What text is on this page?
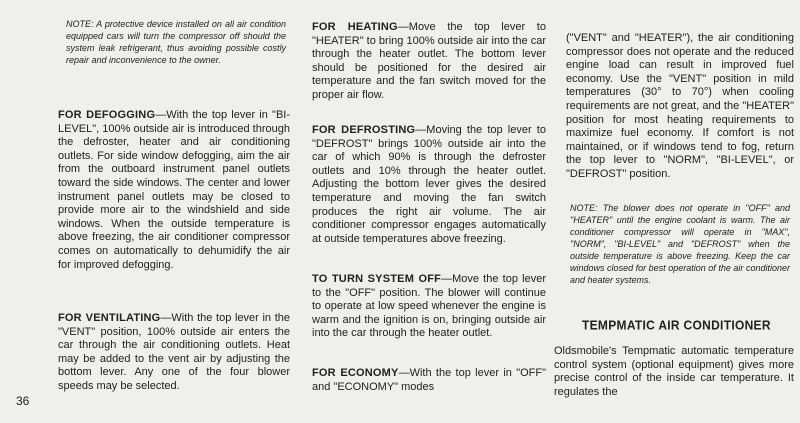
NOTE: A protective device installed on all air condition equipped cars will turn the compressor off should the system leak refrigerant, thus avoiding possible costly repair and inconvenience to the owner.

FOR DEFOGGING—With the top lever in "BI-LEVEL", 100% outside air is introduced through the defroster, heater and air conditioning outlets. For side window defogging, aim the air from the outboard instrument panel outlets toward the side windows. The center and lower instrument panel outlets may be closed to provide more air to the windshield and side windows. When the outside temperature is above freezing, the air conditioner compressor comes on automatically to dehumidify the air for improved defogging.

FOR VENTILATING—With the top lever in the "VENT" position, 100% outside air enters the car through the air conditioning outlets. Heat may be added to the vent air by adjusting the bottom lever. Any one of the four blower speeds may be selected.

FOR HEATING—Move the top lever to "HEATER" to bring 100% outside air into the car through the heater outlet. The bottom lever should be positioned for the desired air temperature and the fan switch moved for the proper air flow.

FOR DEFROSTING—Moving the top lever to "DEFROST" brings 100% outside air into the car of which 90% is through the defroster outlets and 10% through the heater outlet. Adjusting the bottom lever gives the desired temperature and moving the fan switch produces the right air volume. The air conditioner compressor engages automatically at outside temperatures above freezing.

TO TURN SYSTEM OFF—Move the top lever to the "OFF" position. The blower will continue to operate at low speed whenever the engine is warm and the ignition is on, bringing outside air into the car through the heater outlet.

FOR ECONOMY—With the top lever in "OFF" and "ECONOMY" modes

("VENT" and "HEATER"), the air conditioning compressor does not operate and the reduced engine load can result in improved fuel economy. Use the "VENT" position in mild temperatures (30° to 70°) when cooling requirements are not great, and the "HEATER" position for most heating requirements to maximize fuel economy. If comfort is not maintained, or if windows tend to fog, return the top lever to "NORM", "BI-LEVEL", or "DEFROST" position.

NOTE: The blower does not operate in "OFF" and "HEATER" until the engine coolant is warm. The air conditioner compressor will operate in "MAX", "NORM", "BI-LEVEL" and "DEFROST" when the outside temperature is above freezing. Keep the car windows closed for best operation of the air conditioner and heater systems.

Oldsmobile's Tempmatic automatic temperature control system (optional equipment) gives more precise control of the inside car temperature. It regulates the

TEMPMATIC AIR CONDITIONER
36
